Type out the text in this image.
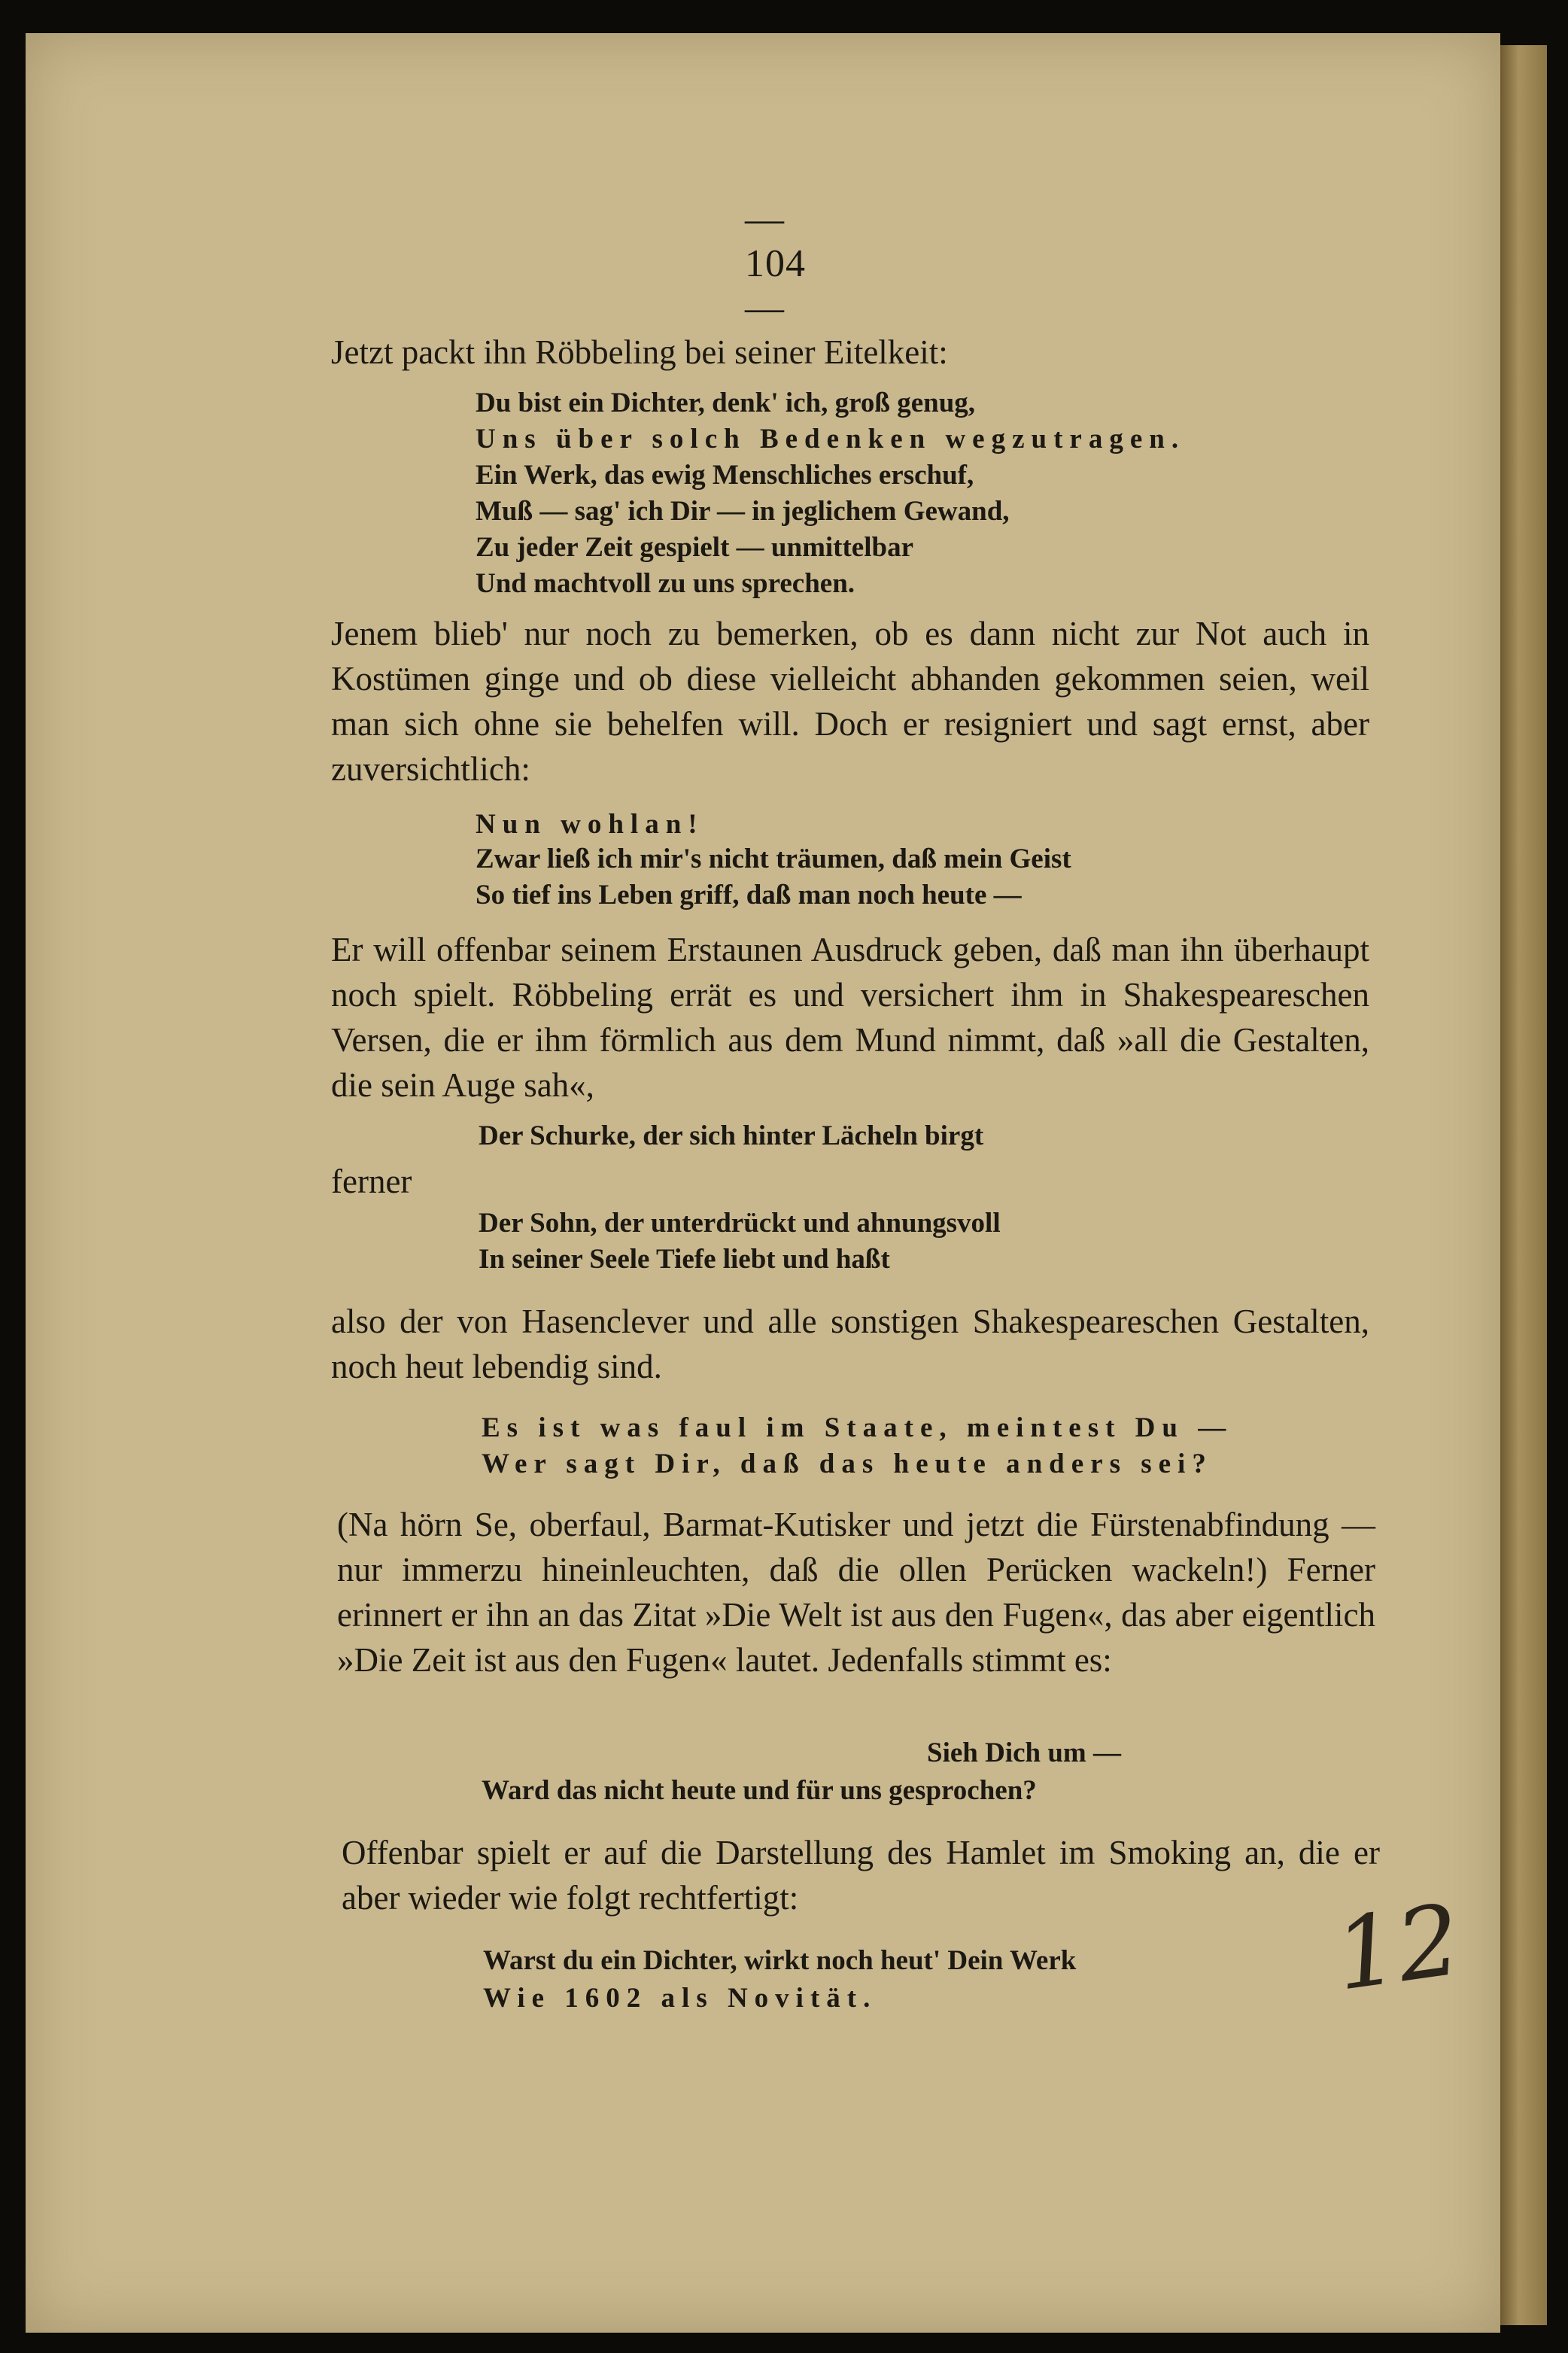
— 104 —
Jetzt packt ihn Röbbeling bei seiner Eitelkeit:
Du bist ein Dichter, denk' ich, groß genug,
Uns über solch Bedenken wegzutragen.
Ein Werk, das ewig Menschliches erschuf,
Muß — sag' ich Dir — in jeglichem Gewand,
Zu jeder Zeit gespielt — unmittelbar
Und machtvoll zu uns sprechen.
Jenem blieb' nur noch zu bemerken, ob es dann nicht zur Not auch in Kostümen ginge und ob diese vielleicht abhanden gekommen seien, weil man sich ohne sie behelfen will. Doch er resigniert und sagt ernst, aber zuversichtlich:
Nun wohlan!
Zwar ließ ich mir's nicht träumen, daß mein Geist
So tief ins Leben griff, daß man noch heute —
Er will offenbar seinem Erstaunen Ausdruck geben, daß man ihn überhaupt noch spielt. Röbbeling errät es und versichert ihm in Shakespeareschen Versen, die er ihm förmlich aus dem Mund nimmt, daß »all die Gestalten, die sein Auge sah«,
Der Schurke, der sich hinter Lächeln birgt
ferner
Der Sohn, der unterdrückt und ahnungsvoll
In seiner Seele Tiefe liebt und haßt
also der von Hasenclever und alle sonstigen Shakespeareschen Gestalten, noch heut lebendig sind.
Es ist was faul im Staate, meintest Du —
Wer sagt Dir, daß das heute anders sei?
(Na hörn Se, oberfaul, Barmat-Kutisker und jetzt die Fürstenabfindung — nur immerzu hineinleuchten, daß die ollen Perücken wackeln!) Ferner erinnert er ihn an das Zitat »Die Welt ist aus den Fugen«, das aber eigentlich »Die Zeit ist aus den Fugen« lautet. Jedenfalls stimmt es:
Sieh Dich um —
Ward das nicht heute und für uns gesprochen?
Offenbar spielt er auf die Darstellung des Hamlet im Smoking an, die er aber wieder wie folgt rechtfertigt:
Warst du ein Dichter, wirkt noch heut' Dein Werk
Wie 1602 als Novität.	12
